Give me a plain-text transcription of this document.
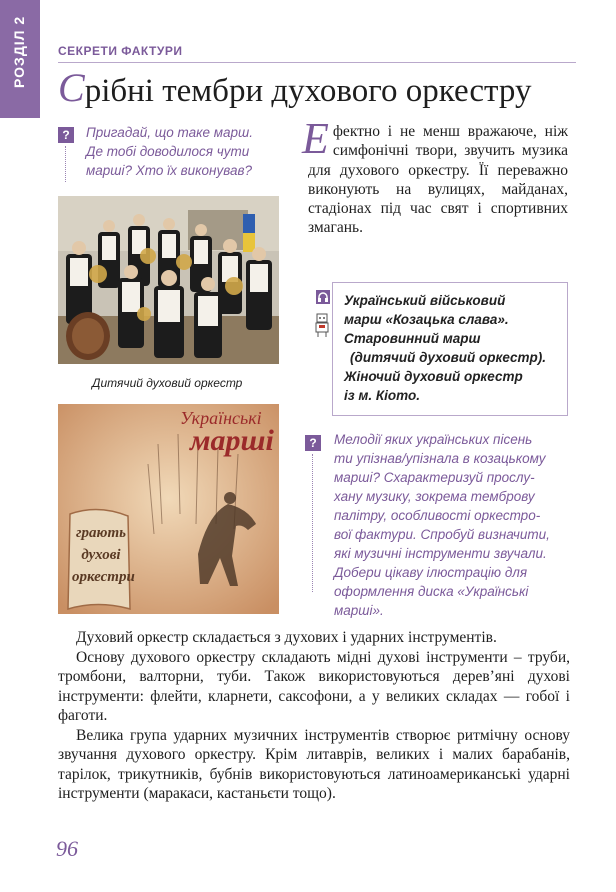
РОЗДІЛ 2	СЕКРЕТИ ФАКТУРИ
Срібні тембри духового оркестру
?	Пригадай, що таке марш.
Де тобі доводилося чути
марші? Хто їх виконував?
Ефектно і не менш вражаюче, ніж симфонічні твори, звучить музика для духового оркестру. Її переважно виконують на вулицях, майданах, стадіонах під час свят і спортивних змагань.
Дитячий духовий оркестр
Українські
марші
грають
духові
оркестри
Український військовий
марш «Козацька слава».
Старовинний марш
(дитячий духовий оркестр).
Жіночий духовий оркестр
із м. Кіото.
?	Мелодії яких українських пісень
ти упізнав/упізнала в козацькому
марші? Схарактеризуй прослу-
хану музику, зокрема темброву
палітру, особливості оркестро-
вої фактури. Спробуй визначити,
які музичні інструменти звучали.
Добери цікаву ілюстрацію для
оформлення диска «Українські
марші».

Духовий оркестр складається з духових і ударних інструментів.

Основу духового оркестру складають мідні духові інструменти – труби, тромбони, валторни, туби. Також використовуються дерев’яні духові інструменти: флейти, кларнети, саксофони, а у великих складах — гобої і фаготи.

Велика група ударних музичних інструментів створює ритмічну основу звучання духового оркестру. Крім литаврів, великих і малих барабанів, тарілок, трикутників, бубнів використовуються латиноамериканські ударні інструменти (маракаси, кастаньєти тощо).

96
